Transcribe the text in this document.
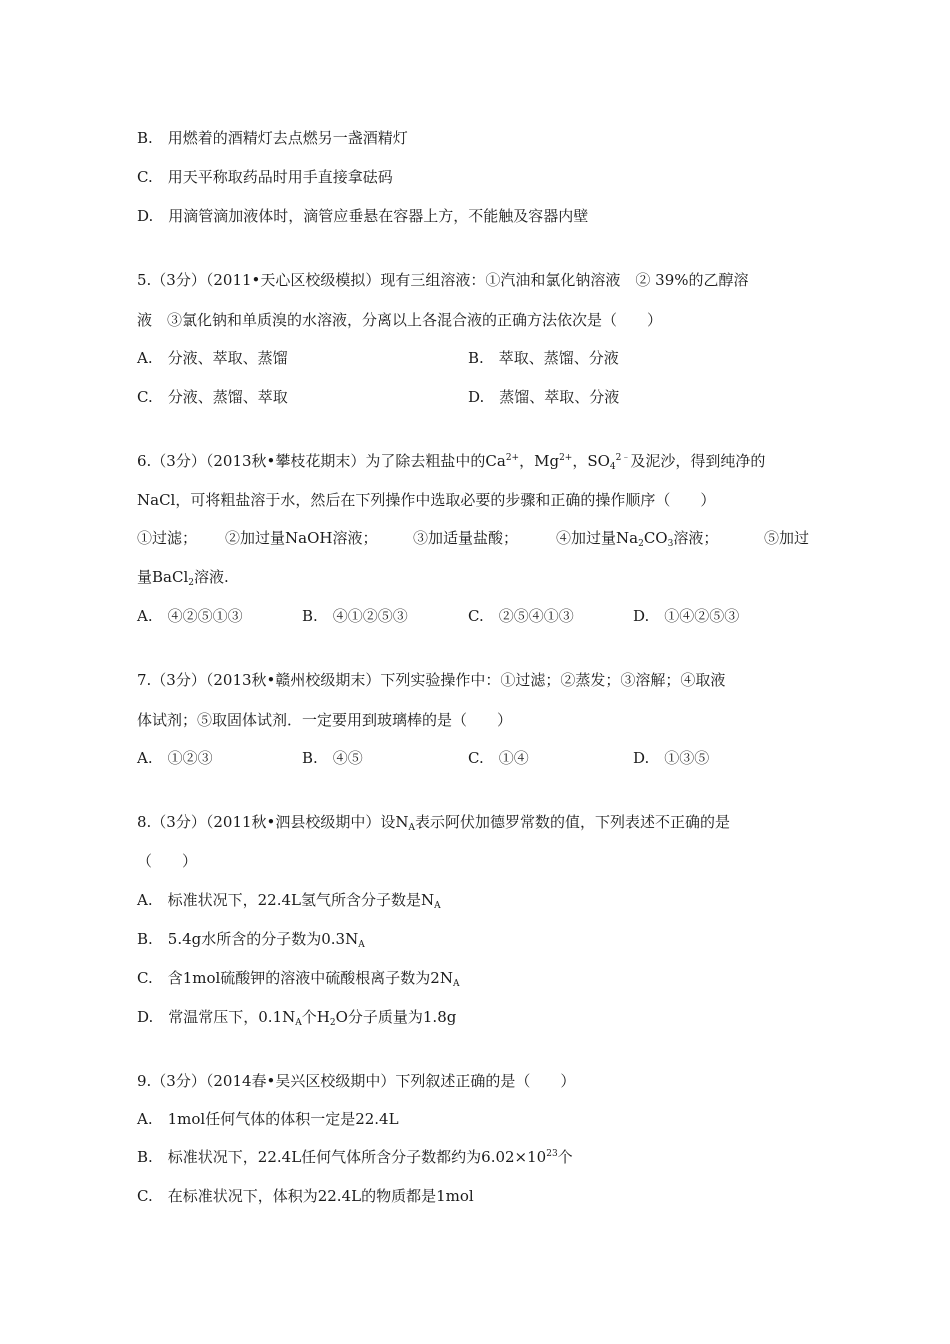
B.　用燃着的酒精灯去点燃另一盏酒精灯
C.　用天平称取药品时用手直接拿砝码
D.　用滴管滴加液体时，滴管应垂悬在容器上方，不能触及容器内壁
5.（3分）（2011•天心区校级模拟）现有三组溶液：①汽油和氯化钠溶液　② 39%的乙醇溶
液　③氯化钠和单质溴的水溶液，分离以上各混合液的正确方法依次是（　　）
A.　分液、萃取、蒸馏	B.　萃取、蒸馏、分液
C.　分液、蒸馏、萃取	D.　蒸馏、萃取、分液
6.（3分）（2013秋•攀枝花期末）为了除去粗盐中的$Ca^{2+}$，$Mg^{2+}$，$SO_4^{2﹣}$及泥沙，得到纯净的
NaCl，可将粗盐溶于水，然后在下列操作中选取必要的步骤和正确的操作顺序（　　）
①过滤； ②加过量NaOH溶液； ③加适量盐酸；	④加过量$Na_2CO_3$溶液；	⑤加过
量BaCl$_2$溶液.
A.　④②⑤①③	B.　④①②⑤③	C.　②⑤④①③	D.　①④②⑤③
7.（3分）（2013秋•赣州校级期末）下列实验操作中：①过滤；②蒸发；③溶解；④取液
体试剂；⑤取固体试剂．一定要用到玻璃棒的是（　　）
A.　①②③	B.　④⑤	C.　①④	D.　①③⑤
8.（3分）（2011秋•泗县校级期中）设$N_A$表示阿伏加德罗常数的值，下列表述不正确的是
（　　）
A.　标准状况下，22.4L氢气所含分子数是$N_A$
B.　5.4g水所含的分子数为$0.3N_A$
C.　含1mol硫酸钾的溶液中硫酸根离子数为$2N_A$
D.　常温常压下，$0.1N_A$个$H_2O$分子质量为1.8g
9.（3分）（2014春•吴兴区校级期中）下列叙述正确的是（　　）
A.　1mol任何气体的体积一定是22.4L
B.　标准状况下，22.4L任何气体所含分子数都约为$6.02\times 10^{23}$个
C.　在标准状况下，体积为22.4L的物质都是1mol
